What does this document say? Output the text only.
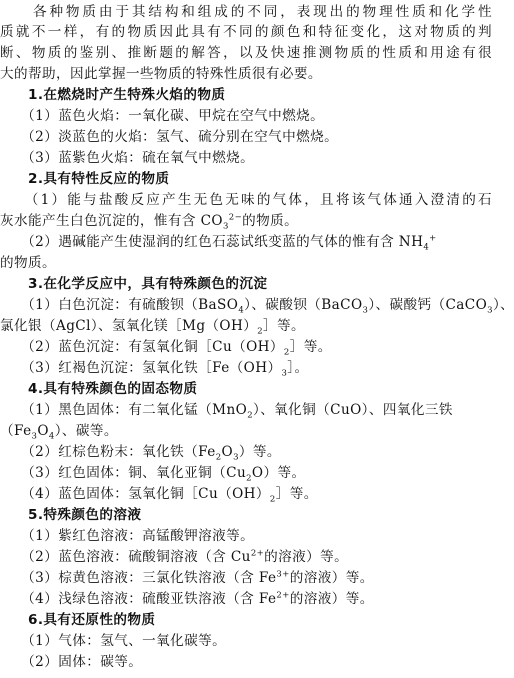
　　各种物质由于其结构和组成的不同，表现出的物理性质和化学性
质就不一样，有的物质因此具有不同的颜色和特征变化，这对物质的判
断、物质的鉴别、推断题的解答，以及快速推测物质的性质和用途有很
大的帮助，因此掌握一些物质的特殊性质很有必要。
　　1.在燃烧时产生特殊火焰的物质
　　（1）蓝色火焰：一氧化碳、甲烷在空气中燃烧。
　　（2）淡蓝色的火焰：氢气、硫分别在空气中燃烧。
　　（3）蓝紫色火焰：硫在氧气中燃烧。
　　2.具有特性反应的物质
　　（1）能与盐酸反应产生无色无味的气体，且将该气体通入澄清的石
灰水能产生白色沉淀的，惟有含 $CO_3^{2-}$的物质。
　　（2）遇碱能产生使湿润的红色石蕊试纸变蓝的气体的惟有含 $NH_4^+$
的物质。
　　3.在化学反应中，具有特殊颜色的沉淀
　　（1）白色沉淀：有硫酸钡（BaSO$_4$）、碳酸钡（BaCO$_3$）、碳酸钙（CaCO$_3$）、
氯化银（AgCl）、氢氧化镁$[Mg(OH)_2]$等。
　　（2）蓝色沉淀：有氢氧化铜$[Cu(OH)_2]$等。
　　（3）红褐色沉淀：氢氧化铁$[Fe(OH)_3]$。
　　4.具有特殊颜色的固态物质
　　（1）黑色固体：有二氧化锰（MnO$_2$）、氧化铜（CuO）、四氧化三铁
$(Fe_3O_4)$、碳等。
　　（2）红棕色粉末：氧化铁$(Fe_2O_3)$等。
　　（3）红色固体：铜、氧化亚铜$(Cu_2O)$等。
　　（4）蓝色固体：氢氧化铜$[Cu(OH)_2]$等。
　　5.特殊颜色的溶液
　　（1）紫红色溶液：高锰酸钾溶液等。
　　（2）蓝色溶液：硫酸铜溶液（含 $Cu^{2+}$的溶液）等。
　　（3）棕黄色溶液：三氯化铁溶液（含 $Fe^{3+}$的溶液）等。
　　（4）浅绿色溶液：硫酸亚铁溶液（含 $Fe^{2+}$的溶液）等。
　　6.具有还原性的物质
　　（1）气体：氢气、一氧化碳等。
　　（2）固体：碳等。
